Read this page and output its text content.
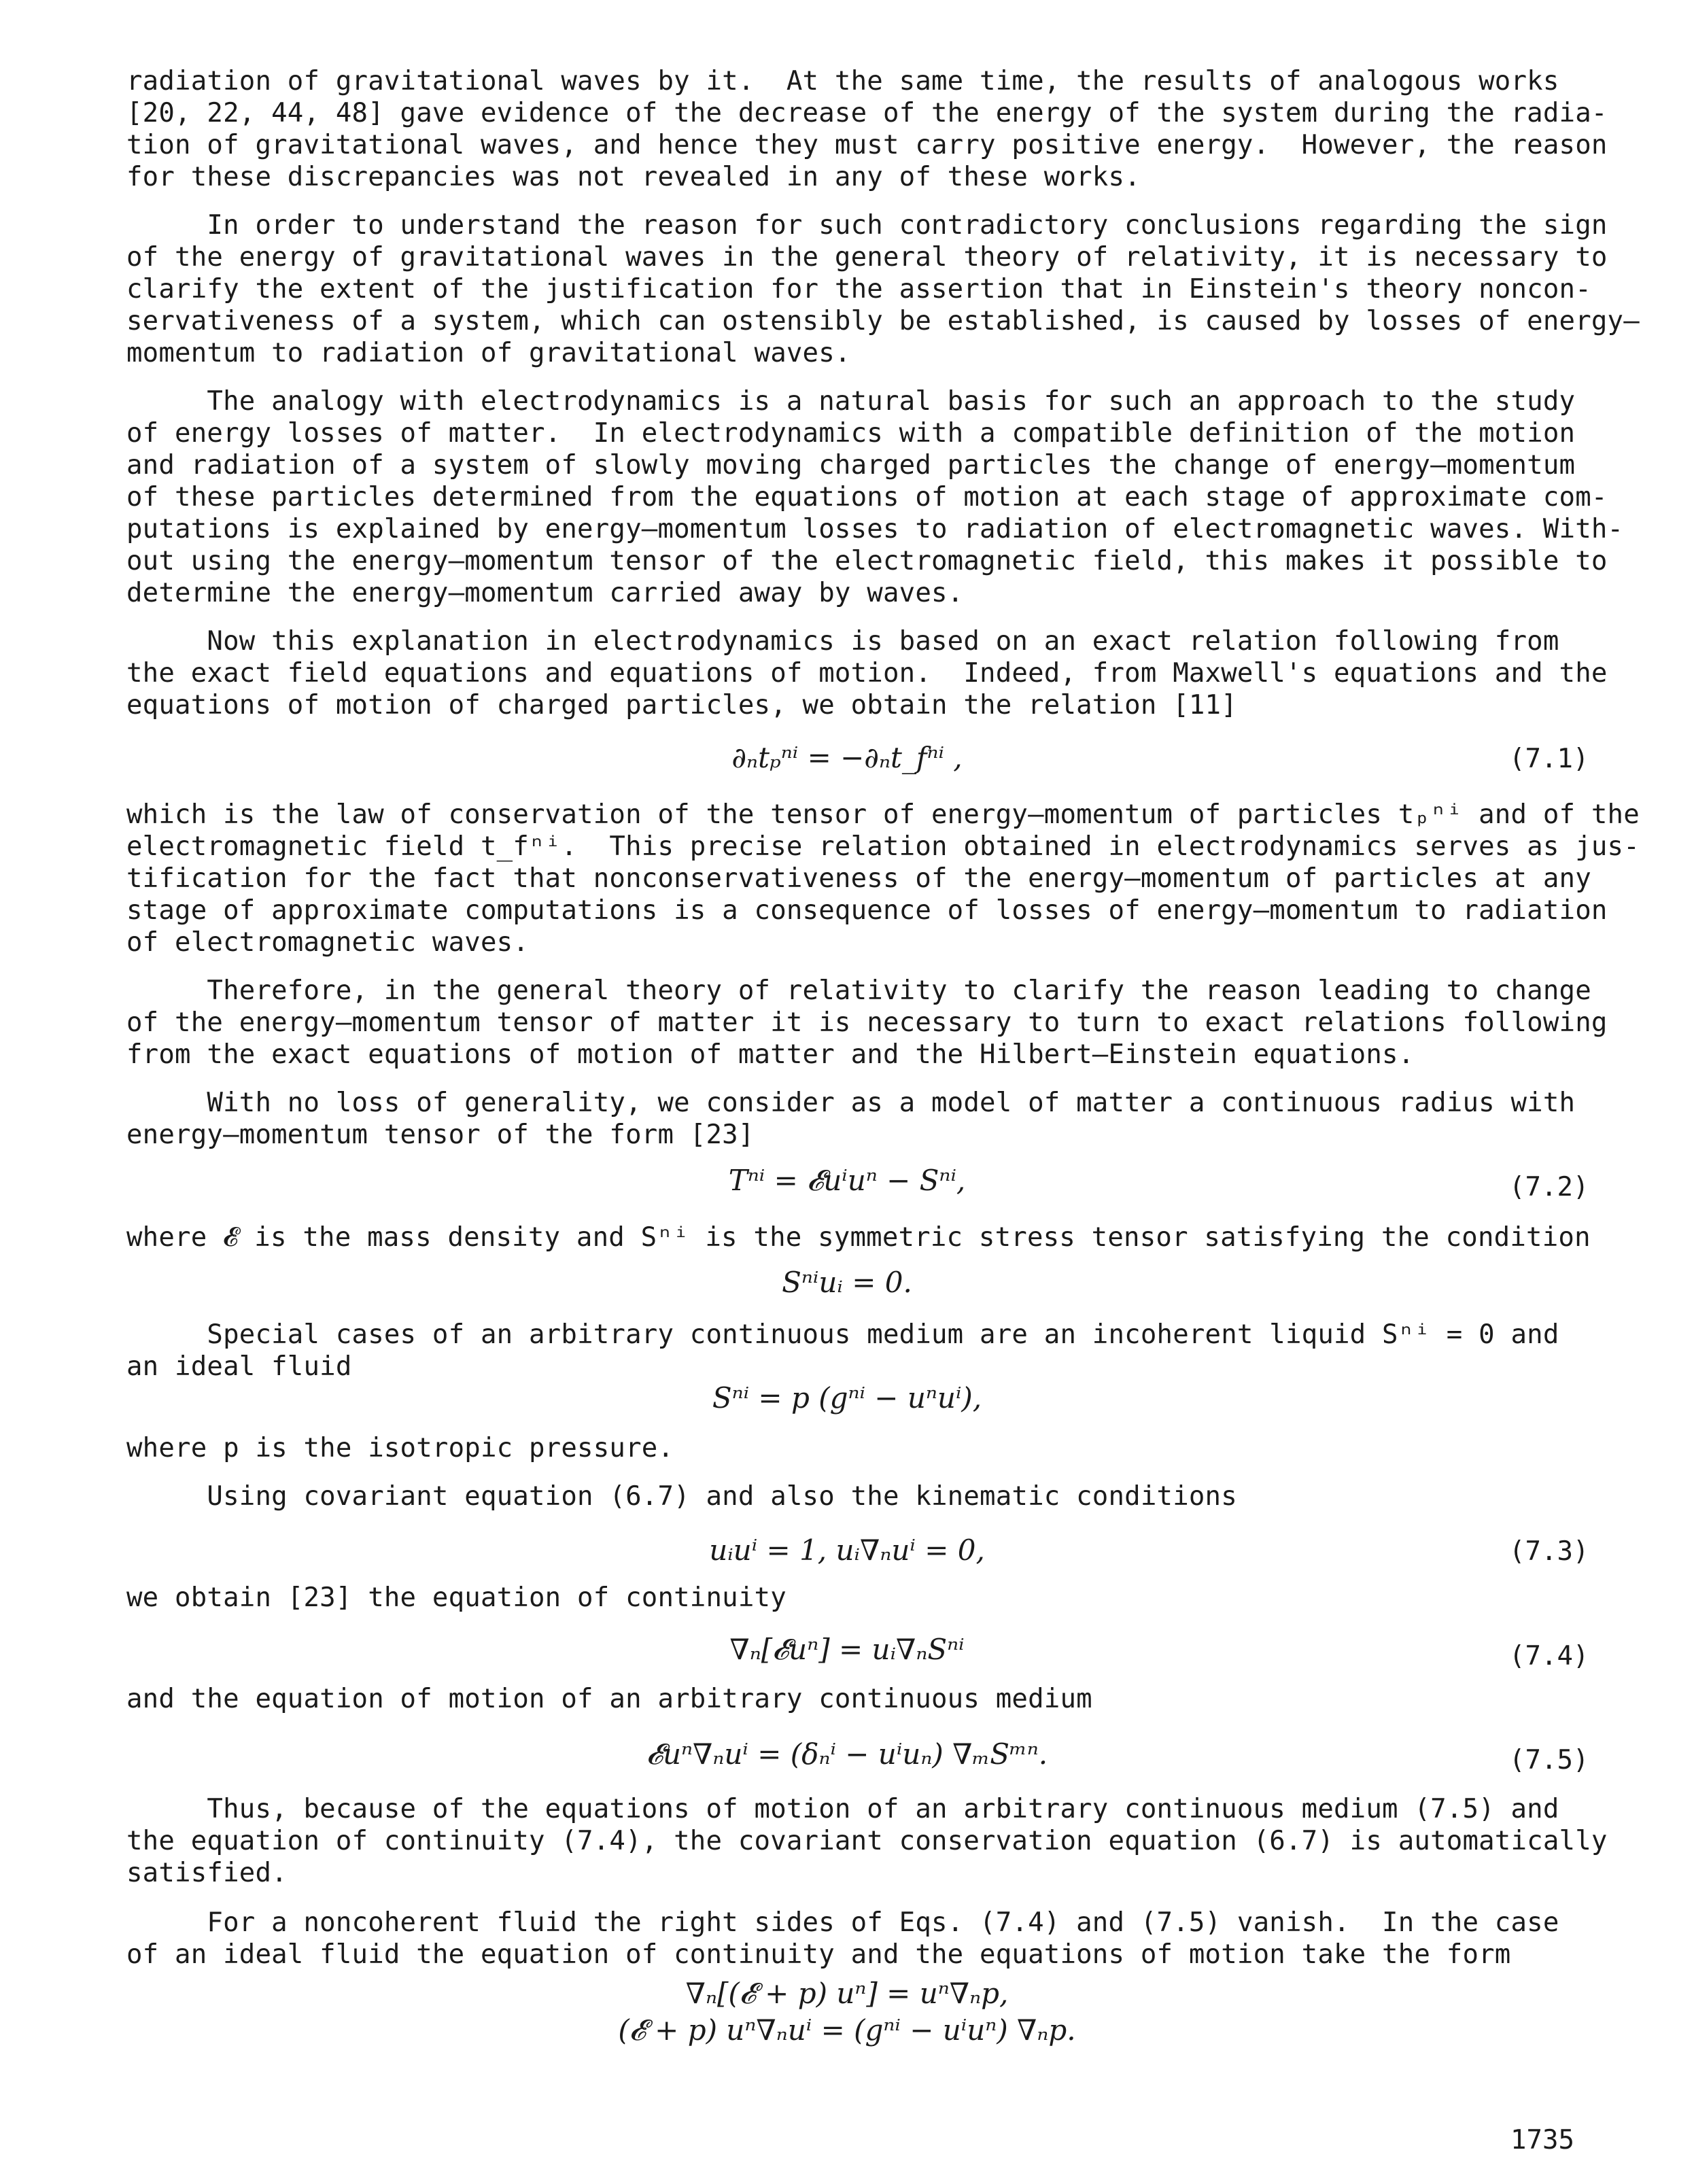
radiation of gravitational waves by it.  At the same time, the results of analogous works
[20, 22, 44, 48] gave evidence of the decrease of the energy of the system during the radia-
tion of gravitational waves, and hence they must carry positive energy.  However, the reason
for these discrepancies was not revealed in any of these works.
In order to understand the reason for such contradictory conclusions regarding the sign
of the energy of gravitational waves in the general theory of relativity, it is necessary to
clarify the extent of the justification for the assertion that in Einstein's theory noncon-
servativeness of a system, which can ostensibly be established, is caused by losses of energy—
momentum to radiation of gravitational waves.
The analogy with electrodynamics is a natural basis for such an approach to the study
of energy losses of matter.  In electrodynamics with a compatible definition of the motion
and radiation of a system of slowly moving charged particles the change of energy—momentum
of these particles determined from the equations of motion at each stage of approximate com-
putations is explained by energy—momentum losses to radiation of electromagnetic waves. With-
out using the energy—momentum tensor of the electromagnetic field, this makes it possible to
determine the energy—momentum carried away by waves.
Now this explanation in electrodynamics is based on an exact relation following from
the exact field equations and equations of motion.  Indeed, from Maxwell's equations and the
equations of motion of charged particles, we obtain the relation [11]
∂ₙtₚⁿⁱ = −∂ₙt_fⁿⁱ ,	(7.1)
which is the law of conservation of the tensor of energy—momentum of particles tₚⁿⁱ and of the
electromagnetic field t_fⁿⁱ.  This precise relation obtained in electrodynamics serves as jus-
tification for the fact that nonconservativeness of the energy—momentum of particles at any
stage of approximate computations is a consequence of losses of energy—momentum to radiation
of electromagnetic waves.
Therefore, in the general theory of relativity to clarify the reason leading to change
of the energy—momentum tensor of matter it is necessary to turn to exact relations following
from the exact equations of motion of matter and the Hilbert—Einstein equations.
With no loss of generality, we consider as a model of matter a continuous radius with
energy—momentum tensor of the form [23]
Tⁿⁱ = 𝓔uⁱuⁿ − Sⁿⁱ,	(7.2)
where 𝓔 is the mass density and Sⁿⁱ is the symmetric stress tensor satisfying the condition
Sⁿⁱuᵢ = 0.
Special cases of an arbitrary continuous medium are an incoherent liquid Sⁿⁱ = 0 and
an ideal fluid
Sⁿⁱ = p (gⁿⁱ − uⁿuⁱ),
where p is the isotropic pressure.
Using covariant equation (6.7) and also the kinematic conditions
uᵢuⁱ = 1, uᵢ∇ₙuⁱ = 0,	(7.3)
we obtain [23] the equation of continuity
∇ₙ[𝓔uⁿ] = uᵢ∇ₙSⁿⁱ	(7.4)
and the equation of motion of an arbitrary continuous medium
𝓔uⁿ∇ₙuⁱ = (δₙⁱ − uⁱuₙ) ∇ₘSᵐⁿ.	(7.5)
Thus, because of the equations of motion of an arbitrary continuous medium (7.5) and
the equation of continuity (7.4), the covariant conservation equation (6.7) is automatically
satisfied.
For a noncoherent fluid the right sides of Eqs. (7.4) and (7.5) vanish.  In the case
of an ideal fluid the equation of continuity and the equations of motion take the form
∇ₙ[(𝓔 + p) uⁿ] = uⁿ∇ₙp,
(𝓔 + p) uⁿ∇ₙuⁱ = (gⁿⁱ − uⁱuⁿ) ∇ₙp.
1735
